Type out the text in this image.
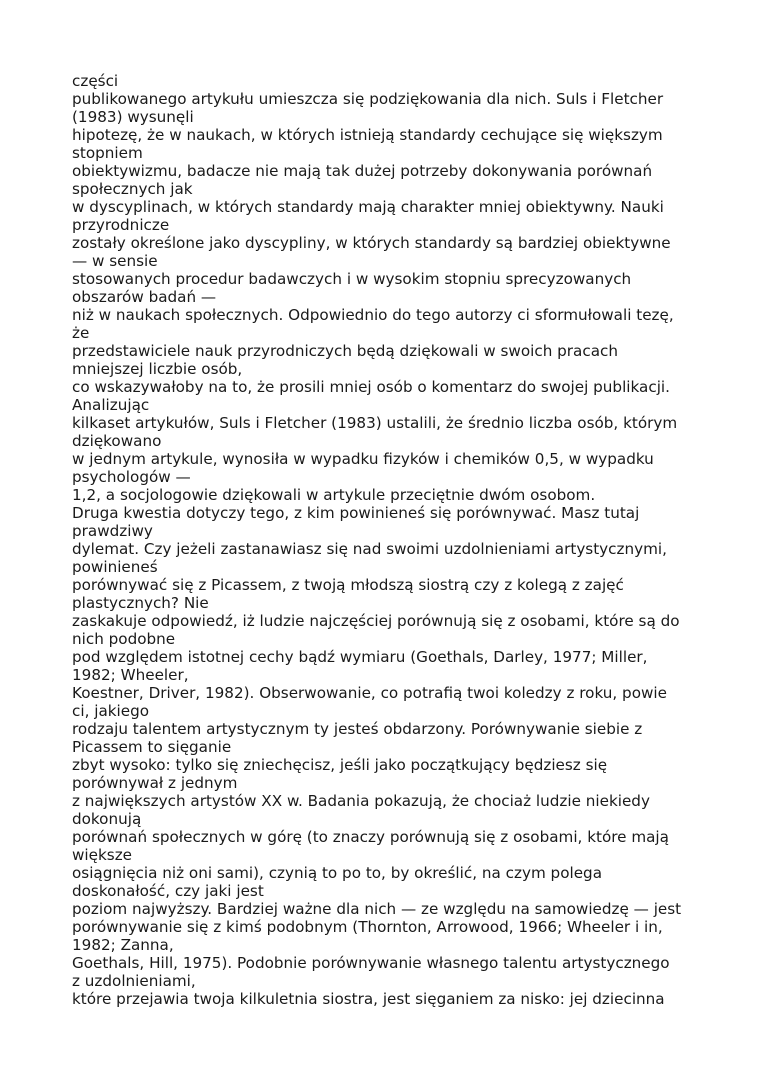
części
publikowanego artykułu umieszcza się podziękowania dla nich. Suls i Fletcher
(1983) wysunęli
hipotezę, że w naukach, w których istnieją standardy cechujące się większym
stopniem
obiektywizmu, badacze nie mają tak dużej potrzeby dokonywania porównań
społecznych jak
w dyscyplinach, w których standardy mają charakter mniej obiektywny. Nauki
przyrodnicze
zostały określone jako dyscypliny, w których standardy są bardziej obiektywne
— w sensie
stosowanych procedur badawczych i w wysokim stopniu sprecyzowanych
obszarów badań —
niż w naukach społecznych. Odpowiednio do tego autorzy ci sformułowali tezę,
że
przedstawiciele nauk przyrodniczych będą dziękowali w swoich pracach
mniejszej liczbie osób,
co wskazywałoby na to, że prosili mniej osób o komentarz do swojej publikacji.
Analizując
kilkaset artykułów, Suls i Fletcher (1983) ustalili, że średnio liczba osób, którym
dziękowano
w jednym artykule, wynosiła w wypadku fizyków i chemików 0,5, w wypadku
psychologów —
1,2, a socjologowie dziękowali w artykule przeciętnie dwóm osobom.
Druga kwestia dotyczy tego, z kim powinieneś się porównywać. Masz tutaj
prawdziwy
dylemat. Czy jeżeli zastanawiasz się nad swoimi uzdolnieniami artystycznymi,
powinieneś
porównywać się z Picassem, z twoją młodszą siostrą czy z kolegą z zajęć
plastycznych? Nie
zaskakuje odpowiedź, iż ludzie najczęściej porównują się z osobami, które są do
nich podobne
pod względem istotnej cechy bądź wymiaru (Goethals, Darley, 1977; Miller,
1982; Wheeler,
Koestner, Driver, 1982). Obserwowanie, co potrafią twoi koledzy z roku, powie
ci, jakiego
rodzaju talentem artystycznym ty jesteś obdarzony. Porównywanie siebie z
Picassem to sięganie
zbyt wysoko: tylko się zniechęcisz, jeśli jako początkujący będziesz się
porównywał z jednym
z największych artystów XX w. Badania pokazują, że chociaż ludzie niekiedy
dokonują
porównań społecznych w górę (to znaczy porównują się z osobami, które mają
większe
osiągnięcia niż oni sami), czynią to po to, by określić, na czym polega
doskonałość, czy jaki jest
poziom najwyższy. Bardziej ważne dla nich — ze względu na samowiedzę — jest
porównywanie się z kimś podobnym (Thornton, Arrowood, 1966; Wheeler i in,
1982; Zanna,
Goethals, Hill, 1975). Podobnie porównywanie własnego talentu artystycznego
z uzdolnieniami,
które przejawia twoja kilkuletnia siostra, jest sięganiem za nisko: jej dziecinna
